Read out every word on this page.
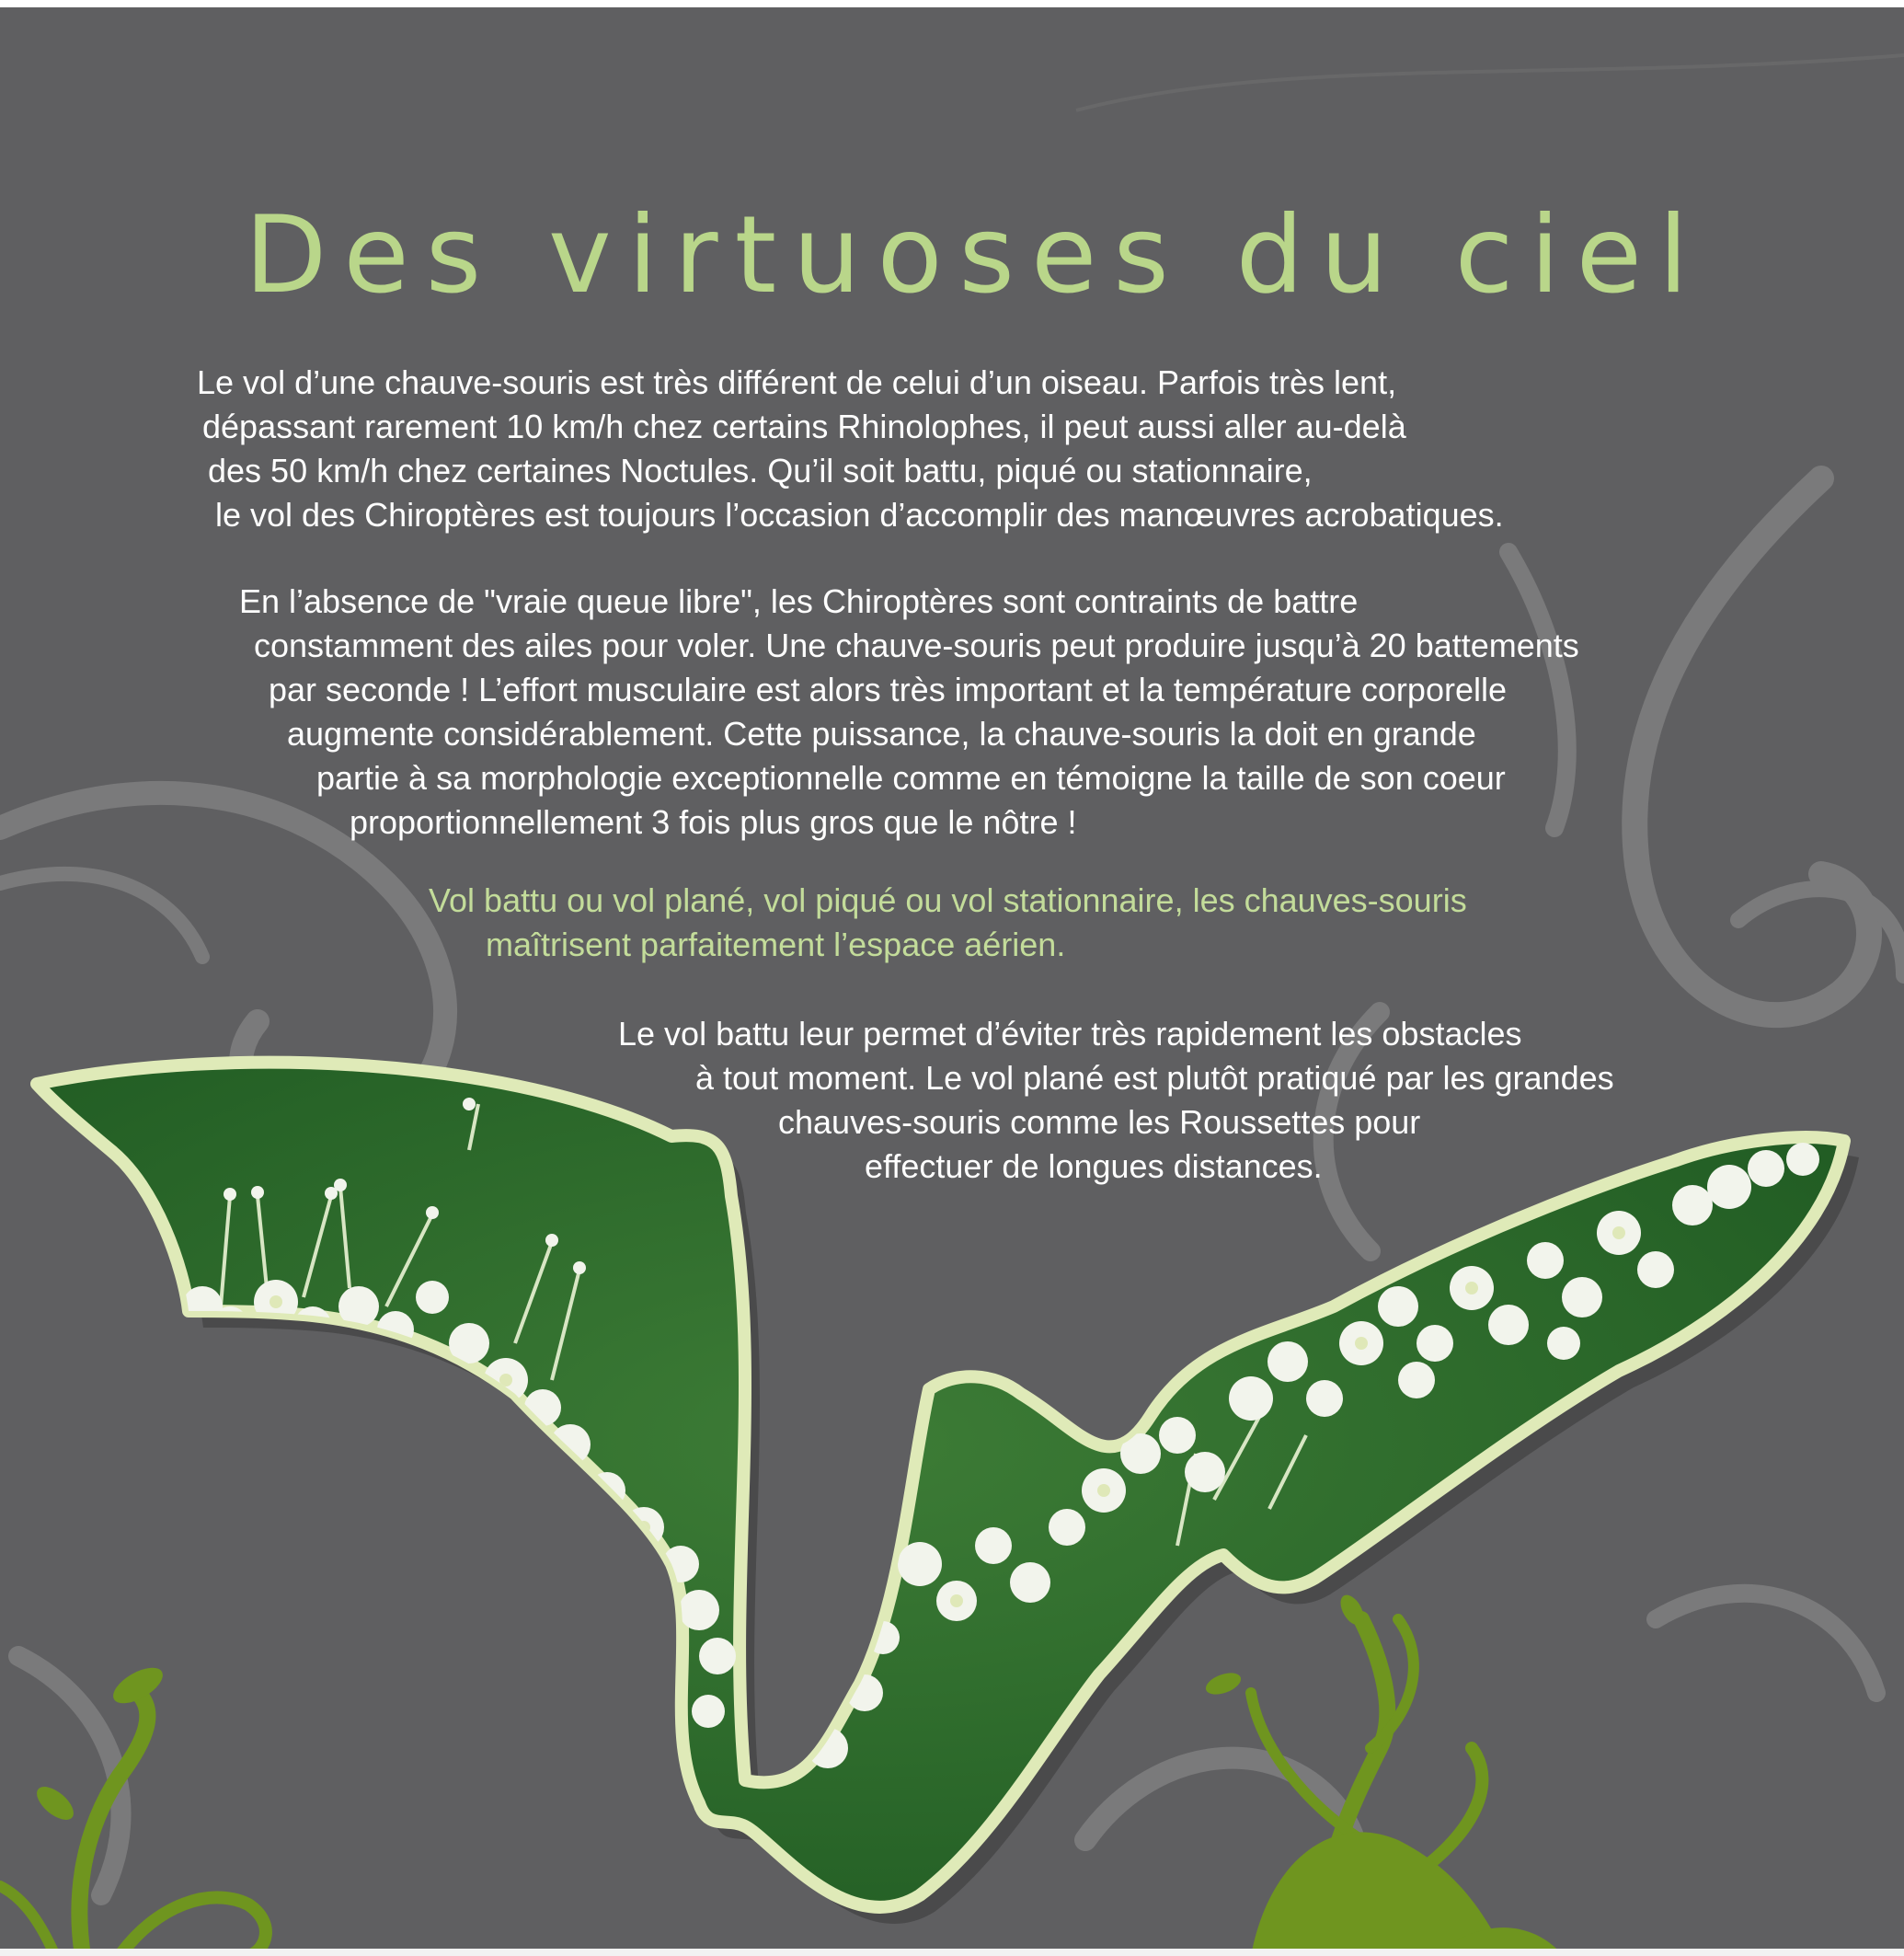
Des virtuoses du ciel

Le vol d’une chauve-souris est très différent de celui d’un oiseau. Parfois très lent,

dépassant rarement 10 km/h chez certains Rhinolophes, il peut aussi aller au-delà

des 50 km/h chez certaines Noctules. Qu’il soit battu, piqué ou stationnaire,

le vol des Chiroptères est toujours l’occasion d’accomplir des manœuvres acrobatiques.

En l’absence de "vraie queue libre", les Chiroptères sont contraints de battre

constamment des ailes pour voler. Une chauve-souris peut produire jusqu’à 20 battements

par seconde ! L’effort musculaire est alors très important et la température corporelle

augmente considérablement. Cette puissance, la chauve-souris la doit en grande

partie à sa morphologie exceptionnelle comme en témoigne la taille de son coeur

proportionnellement 3 fois plus gros que le nôtre !

Vol battu ou vol plané, vol piqué ou vol stationnaire, les chauves-souris

maîtrisent parfaitement l’espace aérien.

Le vol battu leur permet d’éviter très rapidement les obstacles

à tout moment. Le vol plané est plutôt pratiqué par les grandes

chauves-souris comme les Roussettes pour

effectuer de longues distances.
